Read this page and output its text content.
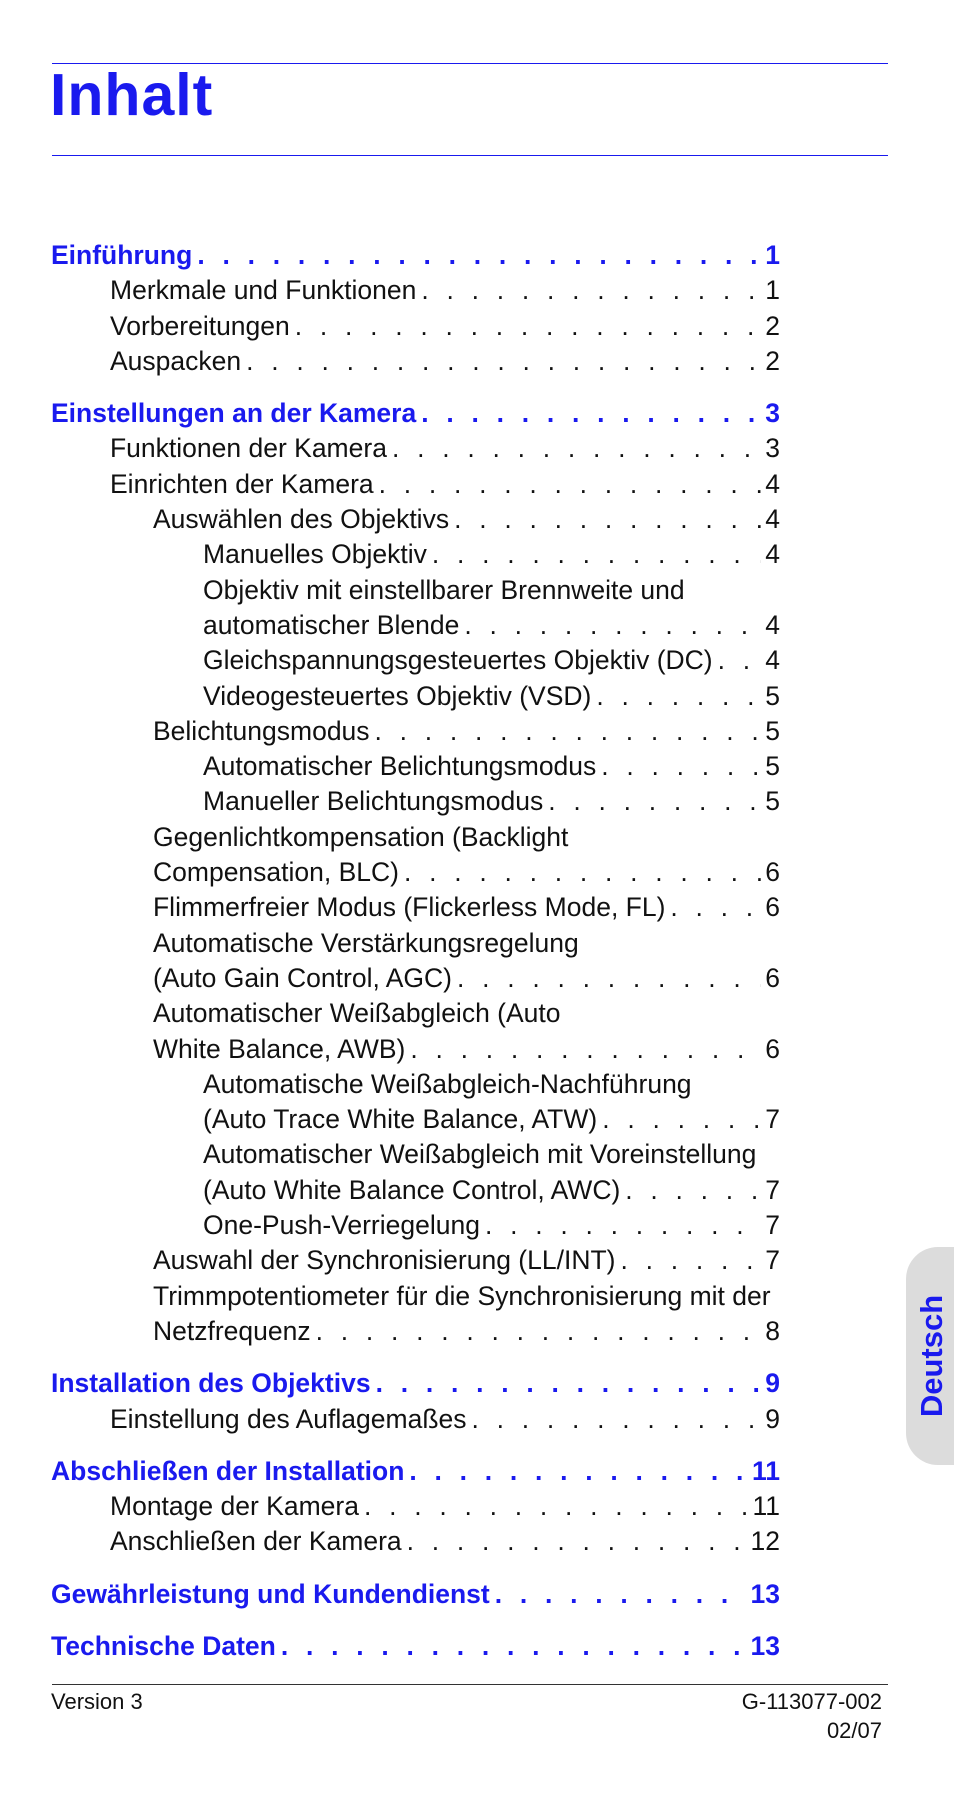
Inhalt
Einführung . . .	1
Merkmale und Funktionen . . .	1
Vorbereitungen . . .	2
Auspacken . . .	2
Einstellungen an der Kamera . . .	3
Funktionen der Kamera . . .	3
Einrichten der Kamera . . .	4
Auswählen des Objektivs . . .	4
Manuelles Objektiv . . .	4
Objektiv mit einstellbarer Brennweite und
automatischer Blende . . .	4
Gleichspannungsgesteuertes Objektiv (DC) . . . 4
Videogesteuertes Objektiv (VSD) . . .	5
Belichtungsmodus . . .	5
Automatischer Belichtungsmodus . . .	5
Manueller Belichtungsmodus . . .	5
Gegenlichtkompensation (Backlight
Compensation, BLC) . . .	6
Flimmerfreier Modus (Flickerless Mode, FL) . . .	6
Automatische Verstärkungsregelung
(Auto Gain Control, AGC) . . .	6
Automatischer Weißabgleich (Auto
White Balance, AWB) . . .	6
Automatische Weißabgleich-Nachführung
(Auto Trace White Balance, ATW) . . .	7
Automatischer Weißabgleich mit Voreinstellung
(Auto White Balance Control, AWC) . . .	7
One-Push-Verriegelung . . .	7
Auswahl der Synchronisierung (LL/INT) . . .	7
Trimmpotentiometer für die Synchronisierung mit der
Netzfrequenz . . .	8
Installation des Objektivs . . .	9
Einstellung des Auflagemaßes . . .	9
Abschließen der Installation . . .	11
Montage der Kamera . . .	11
Anschließen der Kamera . . .	12
Gewährleistung und Kundendienst . . .	13
Technische Daten . . .	13
Version 3	G-113077-002
02/07
Deutsch
